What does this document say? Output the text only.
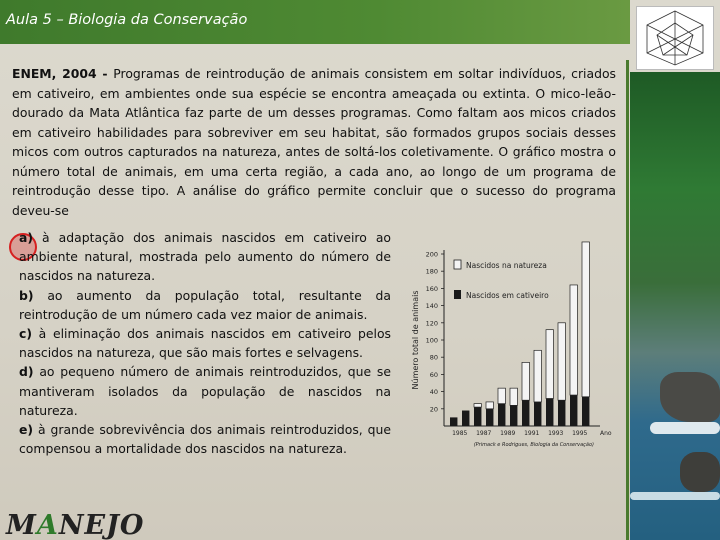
Aula 5 – Biologia da Conservação
ENEM, 2004 - Programas de reintrodução de animais consistem em soltar indivíduos, criados em cativeiro, em ambientes onde sua espécie se encontra ameaçada ou extinta. O mico-leão-dourado da Mata Atlântica faz parte de um desses programas. Como faltam aos micos criados em cativeiro habilidades para sobreviver em seu habitat, são formados grupos sociais desses micos com outros capturados na natureza, antes de soltá-los coletivamente. O gráfico mostra o número total de animais, em uma certa região, a cada ano, ao longo de um programa de reintrodução desse tipo. A análise do gráfico permite concluir que o sucesso do programa deveu-se
a) à adaptação dos animais nascidos em cativeiro ao ambiente natural, mostrada pelo aumento do número de nascidos na natureza.
b) ao aumento da população total, resultante da reintrodução de um número cada vez maior de animais.
c) à eliminação dos animais nascidos em cativeiro pelos nascidos na natureza, que são mais fortes e selvagens.
d) ao pequeno número de animais reintroduzidos, que se mantiveram isolados da população de nascidos na natureza.
e) à grande sobrevivência dos animais reintroduzidos, que compensou a mortalidade dos nascidos na natureza.
20
40
60
80
100
120
140
160
180
200
Número total de animais
1985 1987 1989 1991 1993 1995 Ano
(Primack e Rodrigues, Biologia da Conservação)
Nascidos na natureza
Nascidos em cativeiro
MANEJO
